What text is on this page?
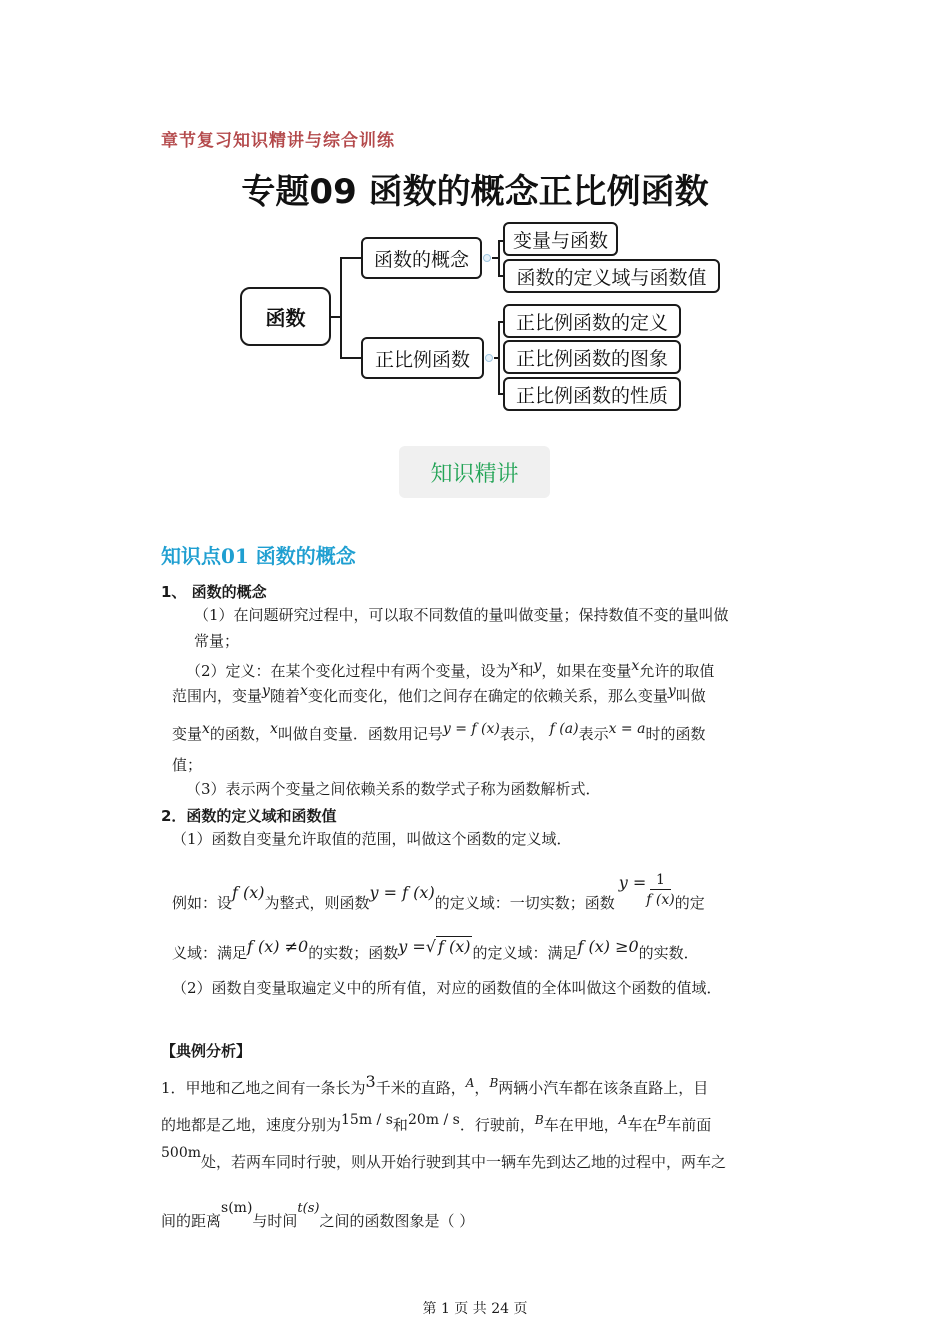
章节复习知识精讲与综合训练
专题09 函数的概念正比例函数
函数
函数的概念
正比例函数
变量与函数
函数的定义域与函数值
正比例函数的定义
正比例函数的图象
正比例函数的性质
知识精讲
知识点01 函数的概念
1、 函数的概念
（1）在问题研究过程中，可以取不同数值的量叫做变量；保持数值不变的量叫做
常量；
（2）定义：在某个变化过程中有两个变量，设为$^x$和$^y$，如果在变量$^x$允许的取值
范围内，变量$^y$随着$^x$变化而变化，他们之间存在确定的依赖关系，那么变量$^y$叫做
变量$^x$的函数，$^x$叫做自变量．函数用记号$^{y = f (x)}$表示， $^{f (a)}$表示$^{x = a}$时的函数
值；
（3）表示两个变量之间依赖关系的数学式子称为函数解析式．
2．函数的定义域和函数值
（1）函数自变量允许取值的范围，叫做这个函数的定义域．
例如：设
f (x)
为整式，则函数
y = f (x)
的定义域：一切实数；函数
$y = \frac{1}{f (x)}$ 的定
义域：满足f (x) ≠0的实数；函数y =√ f (x) 的定义域：满足f (x) ≥0的实数．
（2）函数自变量取遍定义中的所有值，对应的函数值的全体叫做这个函数的值域．
【典例分析】
1．甲地和乙地之间有一条长为$^3$千米的直路，$^A$，$^B$两辆小汽车都在该条直路上，目
的地都是乙地，速度分别为$^{15m / s}$和$^{20m / s}$．行驶前，$^B$车在甲地，$^A$车在$^B$车前面
$^{500m}$处，若两车同时行驶，则从开始行驶到其中一辆车先到达乙地的过程中，两车之
间的距离$^{s(m)}$与时间$^{t(s)}$之间的函数图象是（ ）
第 1 页 共 24 页
